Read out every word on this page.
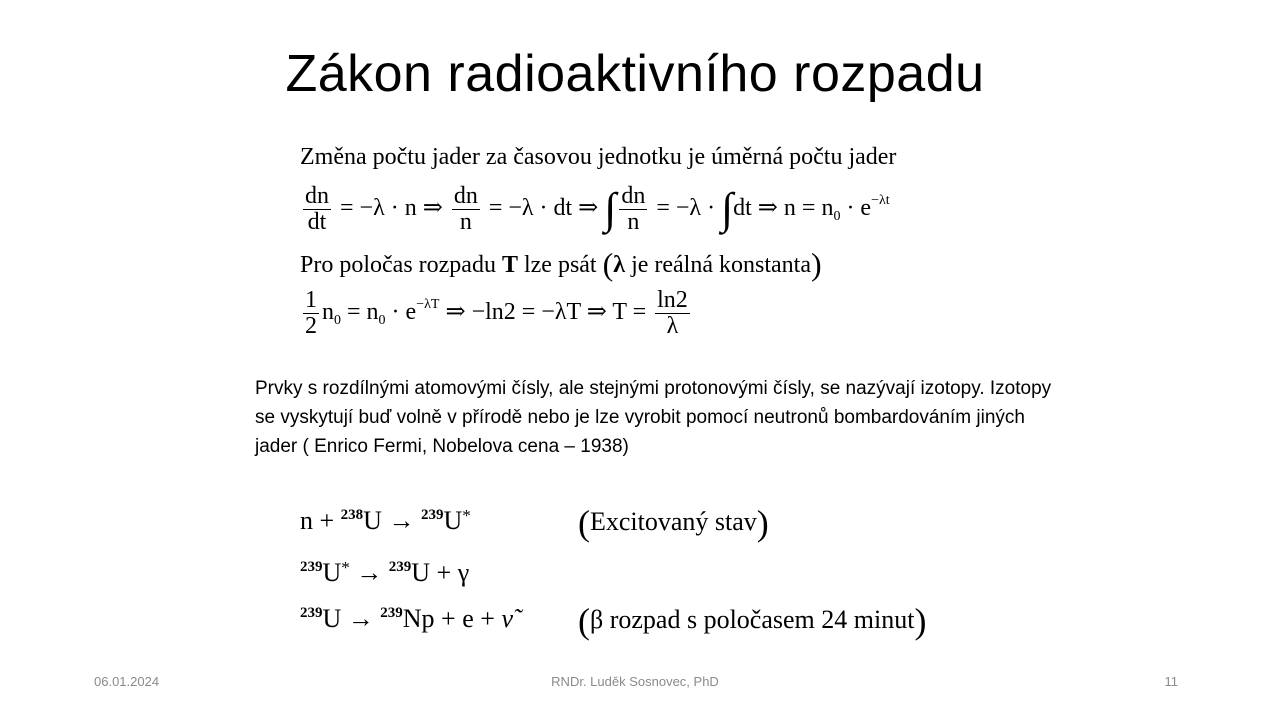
Zákon radioaktivního rozpadu
Změna počtu jader za časovou jednotku je úměrná počtu jader
$\frac{dn}{dt} = -\lambda \cdot n$ ⇒ $\frac{dn}{n} = -\lambda$ · dt ⇒ ∫ $\frac{dn}{n} = -\lambda \cdot \int dt$ ⇒ $n = n_0 \cdot e^{-\lambda t}$
Pro poločas rozpadu T lze psát (λ je reálná konstanta)
$\frac{1}{2} n_0 = n_0 \cdot e^{-\lambda T}$ ⇒ −ln2 = −λT ⇒ $T = \frac{\ln 2}{\lambda}$
Prvky s rozdílnými atomovými čísly, ale stejnými protonovými čísly, se nazývají izotopy. Izotopy se vyskytují buď volně v přírodě nebo je lze vyrobit pomocí neutronů bombardováním jiných jader ( Enrico Fermi, Nobelova cena – 1938)
n + $^{238}$U → $^{239}$U*	(Excitovaný stav)
$^{239}$U* → $^{239}$U + γ
$^{239}$U → $^{239}$Np + e + ν̃ (β rozpad s poločasem 24 minut)
06.01.2024	RNDr. Luděk Sosnovec, PhD	11
